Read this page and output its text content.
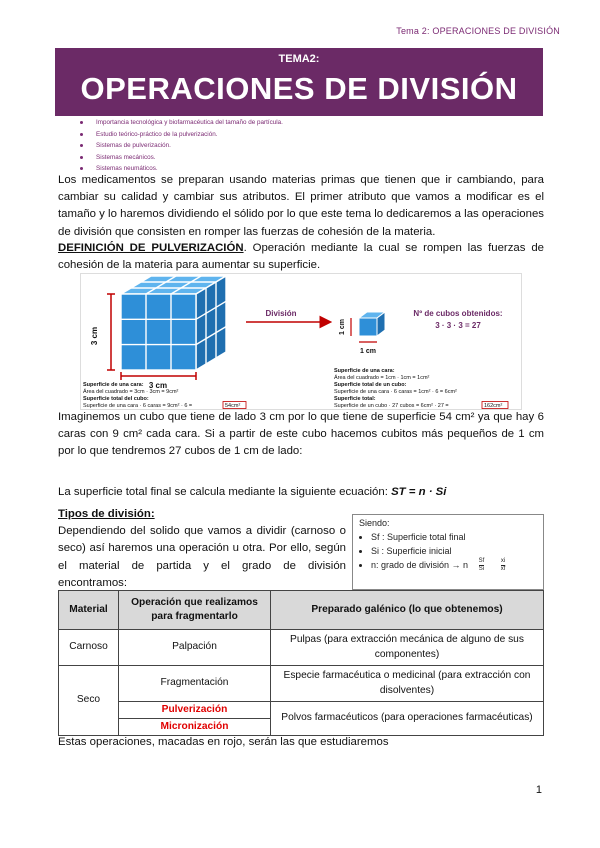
Tema 2: OPERACIONES DE DIVISIÓN
TEMA2:
OPERACIONES DE DIVISIÓN
Importancia tecnológica y biofarmacéutica del tamaño de partícula.
Estudio teórico-práctico de la pulverización.
Sistemas de pulverización.
Sistemas mecánicos.
Sistemas neumáticos.
Los medicamentos se preparan usando materias primas que tienen que ir cambiando, para cambiar su calidad y cambiar sus atributos. El primer atributo que vamos a modificar es el tamaño y lo haremos dividiendo el sólido por lo que este tema lo dedicaremos a las operaciones de división que consisten en romper las fuerzas de cohesión de la materia.
DEFINICIÓN DE PULVERIZACIÓN. Operación mediante la cual se rompen las fuerzas de cohesión de la materia para aumentar su superficie.
3 cm
3 cm
División
1 cm
1 cm
Nº de cubos obtenidos:
3 · 3 · 3 = 27
Superficie de una cara:
Área del cuadrado = 3cm · 3cm = 9cm²
Superficie total del cubo:
Superficie de una cara · 6 caras = 9cm² · 6 =	54cm²
Superficie de una cara:
Área del cuadrado = 1cm · 1cm = 1cm²
Superficie total de un cubo:
Superficie de una cara · 6 caras = 1cm² · 6 = 6cm²
Superficie total:
Superficie de un cubo · 27 cubos = 6cm² · 27 =	162cm²
Imaginemos un cubo que tiene de lado 3 cm por lo que tiene de superficie 54 cm² ya que hay 6 caras con 9 cm² cada cara. Si a partir de este cubo hacemos cubitos más pequeños de 1 cm por lo que tendremos 27 cubos de 1 cm de lado:
La superficie total final se calcula mediante la siguiente ecuación: ST = n · Si
Tipos de división:
Dependiendo del solido que vamos a dividir (carnoso o seco) así haremos una operación u otra. Por ello, según el material de partida y el grado de división encontramos:
Siendo:
• Sf : Superficie total final
• Si : Superficie inicial
• n: grado de división → n $\frac{Sf}{Si}$	$\frac{xi}{xf}$
Material	Operación que realizamos para fragmentarlo	Preparado galénico (lo que obtenemos)
Carnoso	Palpación	Pulpas (para extracción mecánica de alguno de sus componentes)
Seco	Fragmentación	Especie farmacéutica o medicinal (para extracción con disolventes)
	Pulverización	Polvos farmacéuticos (para operaciones farmacéuticas)
	Micronización	
Estas operaciones, macadas en rojo, serán las que estudiaremos
1
